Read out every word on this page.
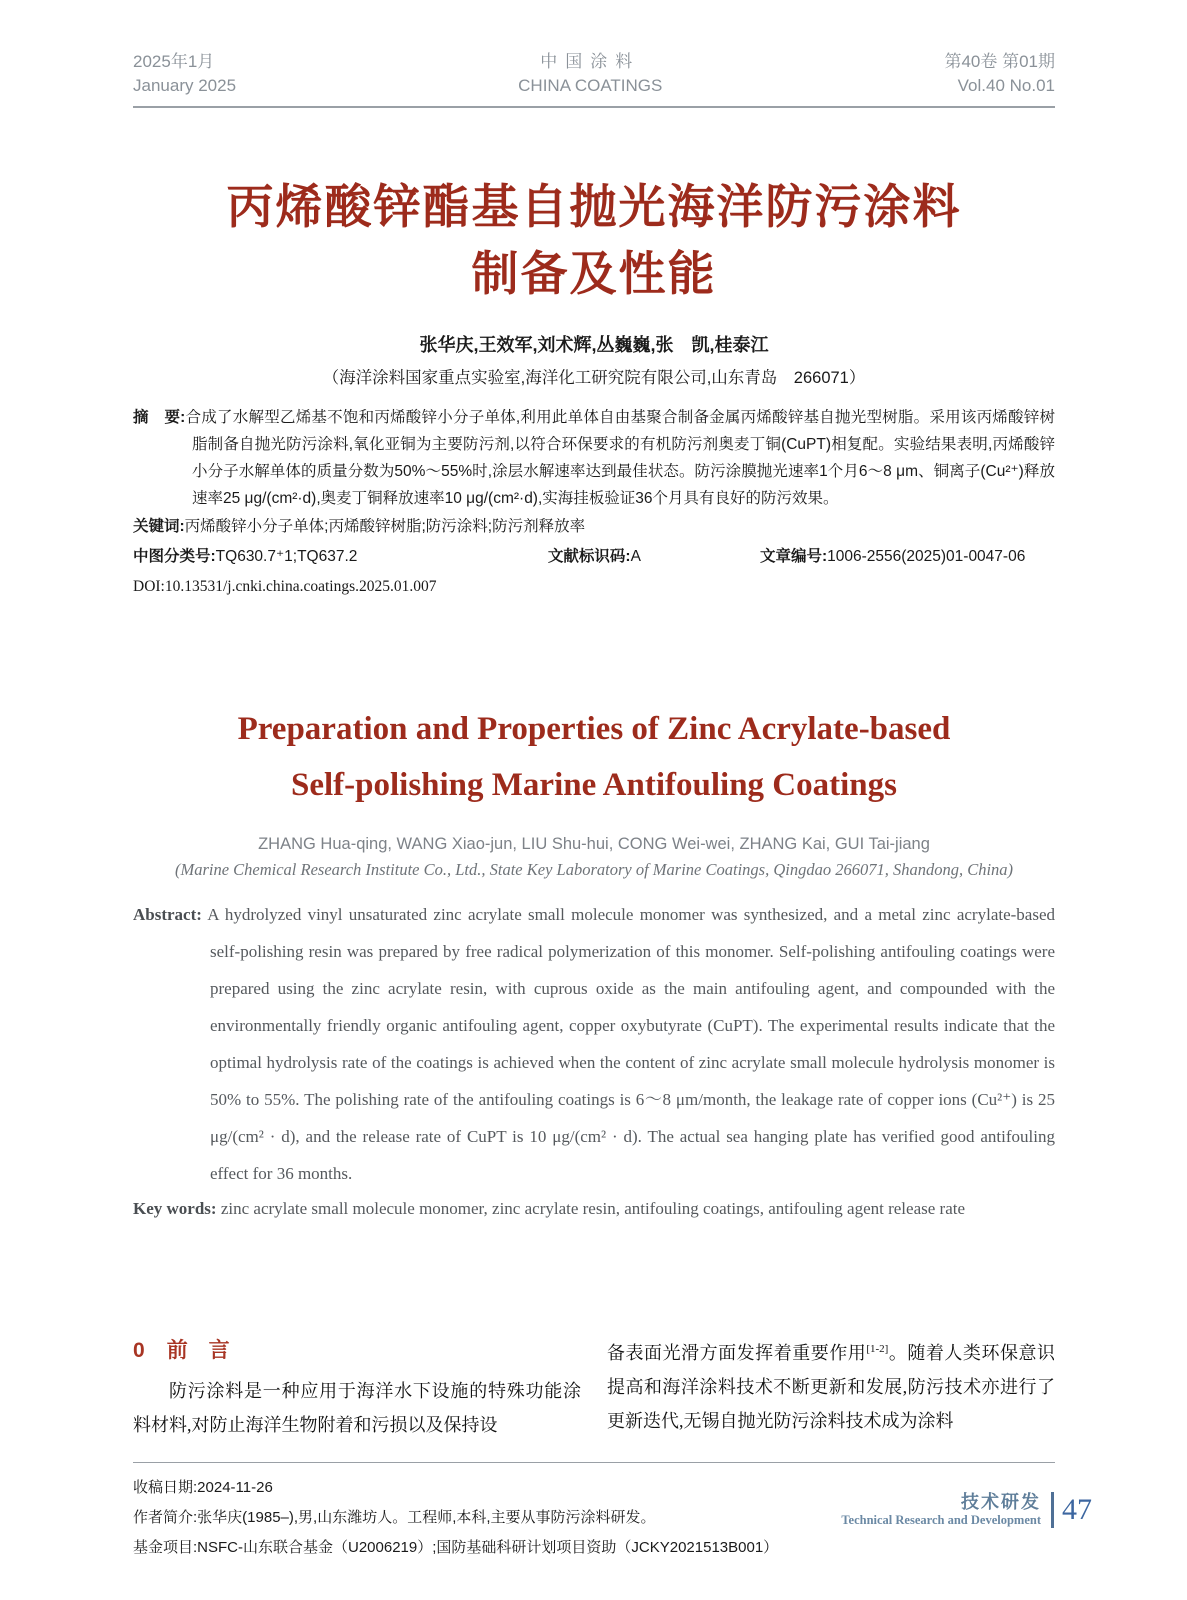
2025年1月
January 2025
中国涂料
CHINA COATINGS
第40卷 第01期
Vol.40 No.01
丙烯酸锌酯基自抛光海洋防污涂料
制备及性能
张华庆,王效军,刘术辉,丛巍巍,张　凯,桂泰江
（海洋涂料国家重点实验室,海洋化工研究院有限公司,山东青岛　266071）

摘　要:合成了水解型乙烯基不饱和丙烯酸锌小分子单体,利用此单体自由基聚合制备金属丙烯酸锌基自抛光型树脂。采用该丙烯酸锌树脂制备自抛光防污涂料,氧化亚铜为主要防污剂,以符合环保要求的有机防污剂奥麦丁铜(CuPT)相复配。实验结果表明,丙烯酸锌小分子水解单体的质量分数为50%～55%时,涂层水解速率达到最佳状态。防污涂膜抛光速率1个月6～8 μm、铜离子(Cu²⁺)释放速率25 μg/(cm²·d),奥麦丁铜释放速率10 μg/(cm²·d),实海挂板验证36个月具有良好的防污效果。

关键词:丙烯酸锌小分子单体;丙烯酸锌树脂;防污涂料;防污剂释放率

中图分类号:TQ630.7⁺1;TQ637.2	文献标识码:A	文章编号:1006-2556(2025)01-0047-06
DOI:10.13531/j.cnki.china.coatings.2025.01.007
Preparation and Properties of Zinc Acrylate-based
Self-polishing Marine Antifouling Coatings
ZHANG Hua-qing, WANG Xiao-jun, LIU Shu-hui, CONG Wei-wei, ZHANG Kai, GUI Tai-jiang
(Marine Chemical Research Institute Co., Ltd., State Key Laboratory of Marine Coatings, Qingdao 266071, Shandong, China)

Abstract: A hydrolyzed vinyl unsaturated zinc acrylate small molecule monomer was synthesized, and a metal zinc acrylate-based self-polishing resin was prepared by free radical polymerization of this monomer. Self-polishing antifouling coatings were prepared using the zinc acrylate resin, with cuprous oxide as the main antifouling agent, and compounded with the environmentally friendly organic antifouling agent, copper oxybutyrate (CuPT). The experimental results indicate that the optimal hydrolysis rate of the coatings is achieved when the content of zinc acrylate small molecule hydrolysis monomer is 50% to 55%. The polishing rate of the antifouling coatings is 6～8 μm/month, the leakage rate of copper ions (Cu²⁺) is 25 μg/(cm² · d), and the release rate of CuPT is 10 μg/(cm² · d). The actual sea hanging plate has verified good antifouling effect for 36 months.

Key words: zinc acrylate small molecule monomer, zinc acrylate resin, antifouling coatings, antifouling agent release rate

0 前　言

防污涂料是一种应用于海洋水下设施的特殊功能涂料材料,对防止海洋生物附着和污损以及保持设

备表面光滑方面发挥着重要作用[1-2]。随着人类环保意识提高和海洋涂料技术不断更新和发展,防污技术亦进行了更新迭代,无锡自抛光防污涂料技术成为涂料

收稿日期:2024-11-26
作者简介:张华庆(1985–),男,山东潍坊人。工程师,本科,主要从事防污涂料研发。
基金项目:NSFC-山东联合基金（U2006219）;国防基础科研计划项目资助（JCKY2021513B001）
技术研发
Technical Research and Development 47
